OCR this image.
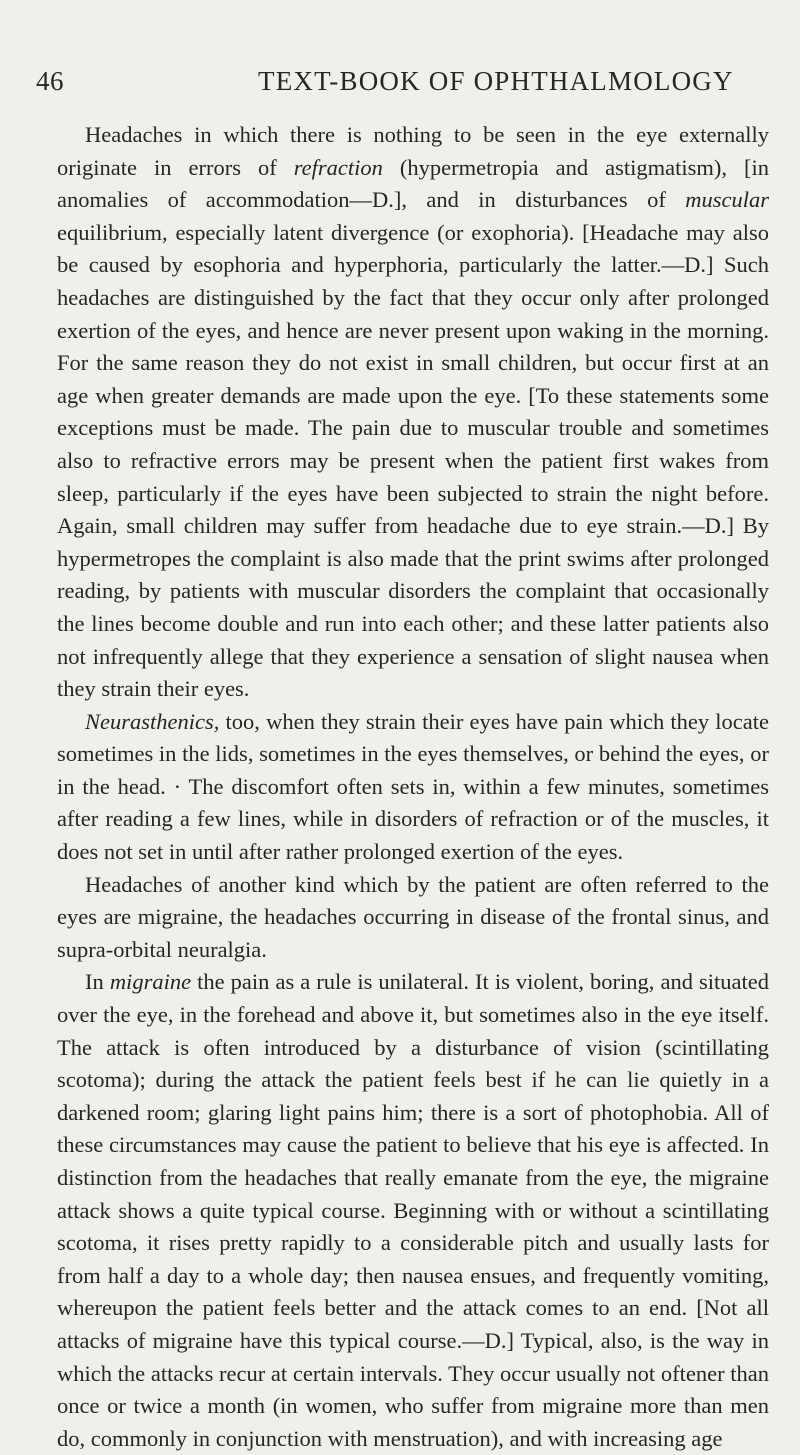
46	TEXT-BOOK OF OPHTHALMOLOGY

Headaches in which there is nothing to be seen in the eye externally originate in errors of refraction (hypermetropia and astigmatism), [in anomalies of accommodation—D.], and in disturbances of muscular equilibrium, especially latent divergence (or exophoria). [Headache may also be caused by esophoria and hyperphoria, particularly the latter.—D.] Such headaches are distinguished by the fact that they occur only after prolonged exertion of the eyes, and hence are never present upon waking in the morning. For the same reason they do not exist in small children, but occur first at an age when greater demands are made upon the eye. [To these statements some exceptions must be made. The pain due to muscular trouble and sometimes also to refractive errors may be present when the patient first wakes from sleep, particularly if the eyes have been subjected to strain the night before. Again, small children may suffer from headache due to eye strain.—D.] By hypermetropes the complaint is also made that the print swims after prolonged reading, by patients with muscular disorders the complaint that occasionally the lines become double and run into each other; and these latter patients also not infrequently allege that they experience a sensation of slight nausea when they strain their eyes.

Neurasthenics, too, when they strain their eyes have pain which they locate sometimes in the lids, sometimes in the eyes themselves, or behind the eyes, or in the head. · The discomfort often sets in, within a few minutes, sometimes after reading a few lines, while in disorders of refraction or of the muscles, it does not set in until after rather prolonged exertion of the eyes.

Headaches of another kind which by the patient are often referred to the eyes are migraine, the headaches occurring in disease of the frontal sinus, and supra-orbital neuralgia.

In migraine the pain as a rule is unilateral. It is violent, boring, and situated over the eye, in the forehead and above it, but sometimes also in the eye itself. The attack is often introduced by a disturbance of vision (scintillating scotoma); during the attack the patient feels best if he can lie quietly in a darkened room; glaring light pains him; there is a sort of photophobia. All of these circumstances may cause the patient to believe that his eye is affected. In distinction from the headaches that really emanate from the eye, the migraine attack shows a quite typical course. Beginning with or without a scintillating scotoma, it rises pretty rapidly to a considerable pitch and usually lasts for from half a day to a whole day; then nausea ensues, and frequently vomiting, whereupon the patient feels better and the attack comes to an end. [Not all attacks of migraine have this typical course.—D.] Typical, also, is the way in which the attacks recur at certain intervals. They occur usually not oftener than once or twice a month (in women, who suffer from migraine more than men do, commonly in conjunction with menstruation), and with increasing age
